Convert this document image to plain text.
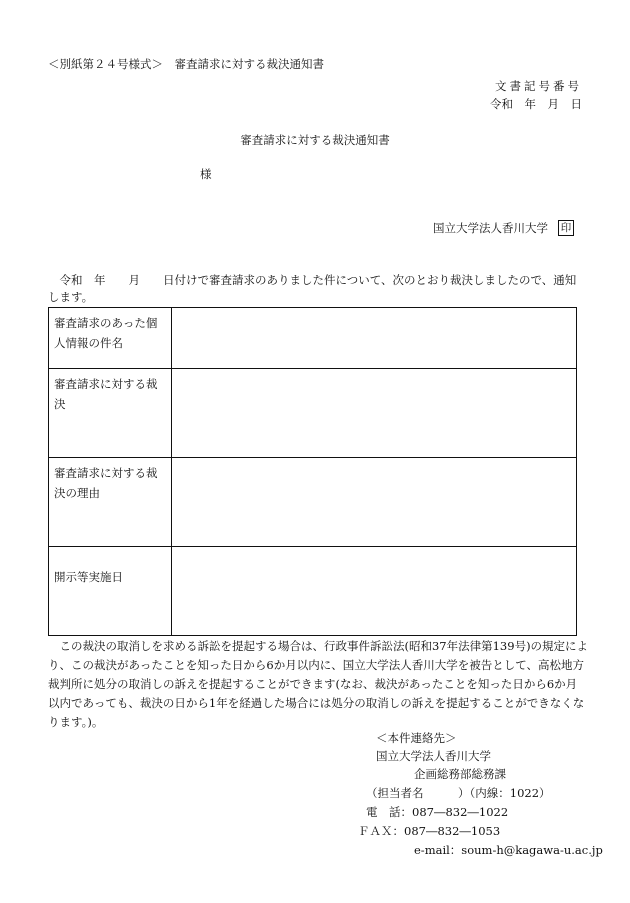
＜別紙第２４号様式＞　審査請求に対する裁決通知書
文書記号番号
令和　年　月　日
審査請求に対する裁決通知書
様
国立大学法人香川大学 印
　令和　年　　月　　日付けで審査請求のありました件について、次のとおり裁決しましたので、通知
します。
審査請求のあった個
人情報の件名	

審査請求に対する裁
決	

審査請求に対する裁
決の理由	

開示等実施日	

　この裁決の取消しを求める訴訟を提起する場合は、行政事件訴訟法(昭和37年法律第139号)の規定によ
り、この裁決があったことを知った日から6か月以内に、国立大学法人香川大学を被告として、高松地方
裁判所に処分の取消しの訴えを提起することができます(なお、裁決があったことを知った日から6か月
以内であっても、裁決の日から1年を経過した場合には処分の取消しの訴えを提起することができなくな
ります。)。
＜本件連絡先＞
国立大学法人香川大学
企画総務部総務課
（担当者名　　　）（内線：1022）
電　話：087―832―1022
ＦＡＸ：087―832―1053
e-mail：soum-h@kagawa-u.ac.jp
